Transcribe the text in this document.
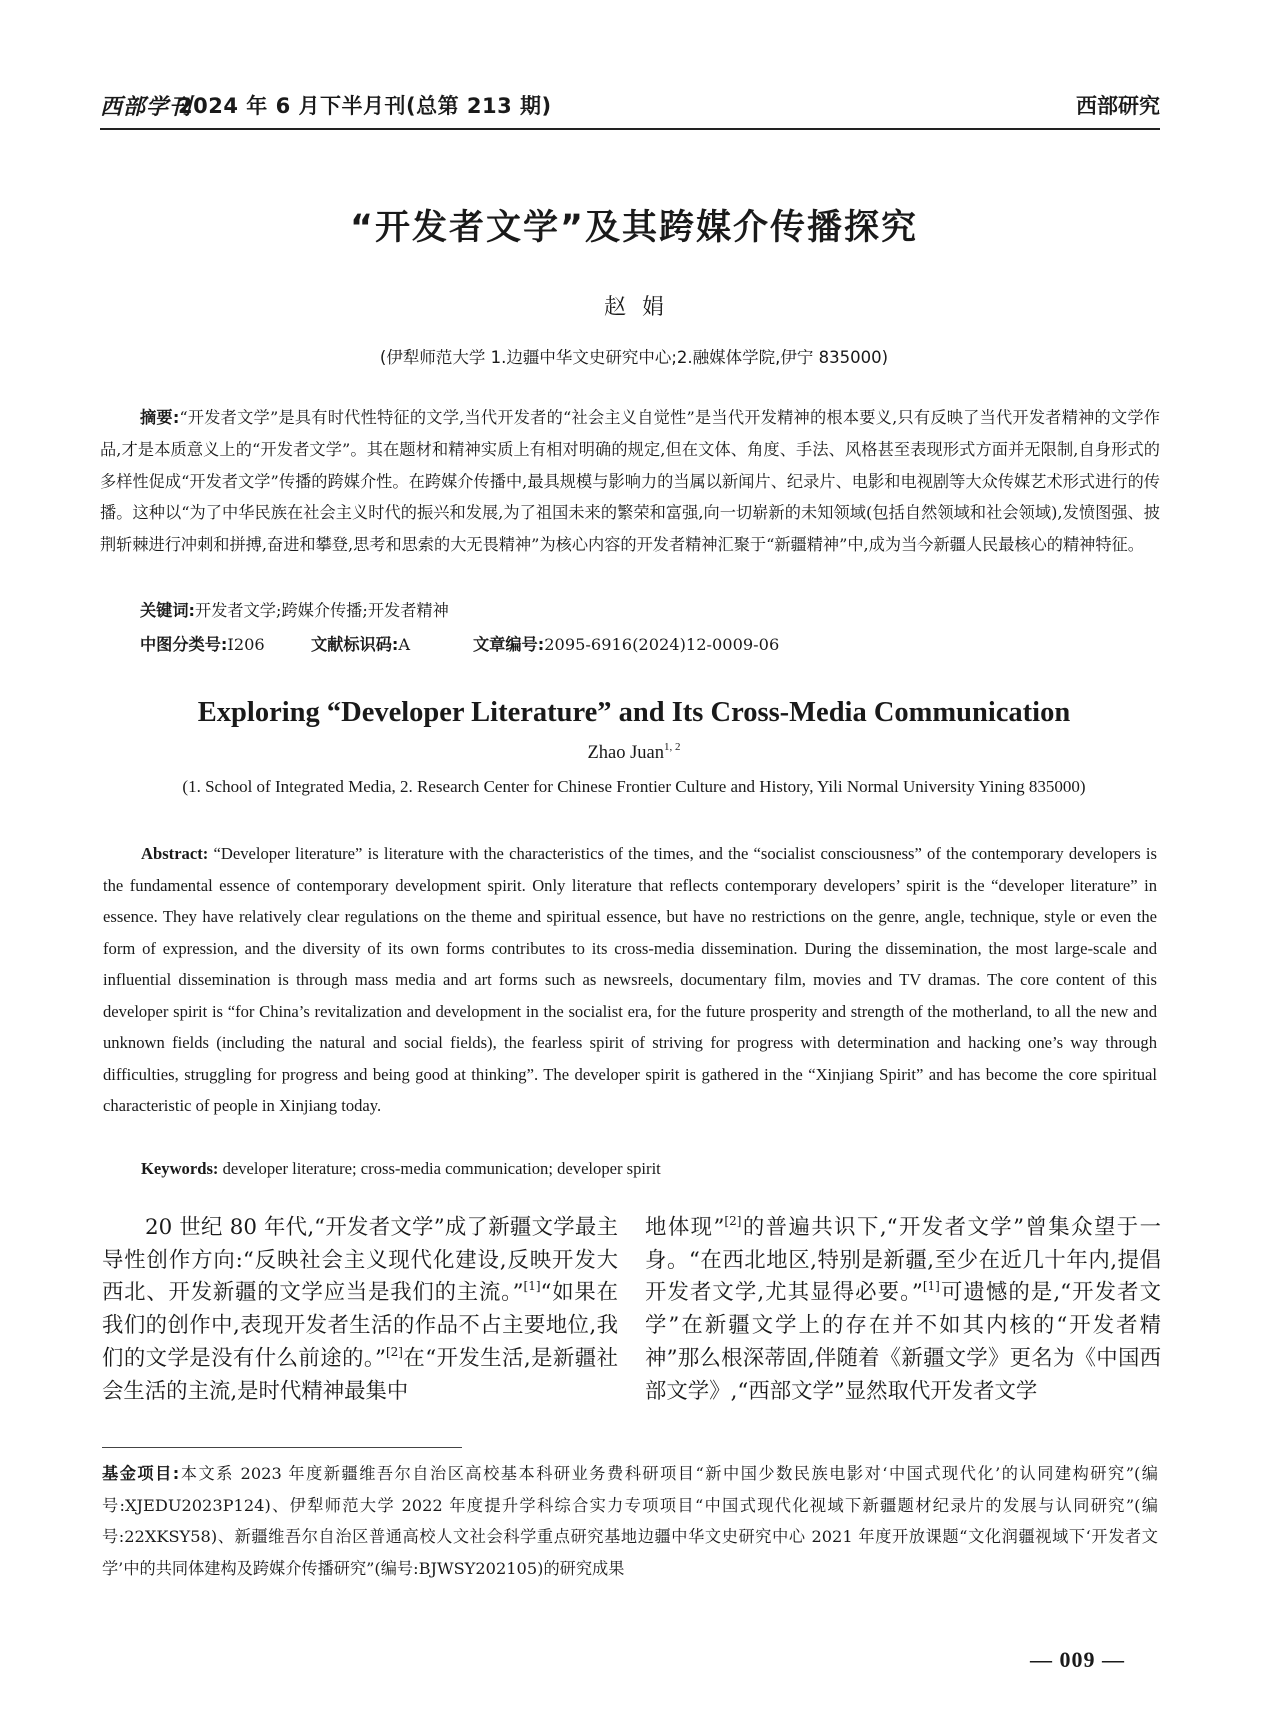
西部学刊
2024 年 6 月下半月刊(总第 213 期)	西部研究
“开发者文学”及其跨媒介传播探究
赵娟
(伊犁师范大学 1.边疆中华文史研究中心;2.融媒体学院,伊宁 835000)

摘要:“开发者文学”是具有时代性特征的文学,当代开发者的“社会主义自觉性”是当代开发精神的根本要义,只有反映了当代开发者精神的文学作品,才是本质意义上的“开发者文学”。其在题材和精神实质上有相对明确的规定,但在文体、角度、手法、风格甚至表现形式方面并无限制,自身形式的多样性促成“开发者文学”传播的跨媒介性。在跨媒介传播中,最具规模与影响力的当属以新闻片、纪录片、电影和电视剧等大众传媒艺术形式进行的传播。这种以“为了中华民族在社会主义时代的振兴和发展,为了祖国未来的繁荣和富强,向一切崭新的未知领域(包括自然领域和社会领域),发愤图强、披荆斩棘进行冲刺和拼搏,奋进和攀登,思考和思索的大无畏精神”为核心内容的开发者精神汇聚于“新疆精神”中,成为当今新疆人民最核心的精神特征。

关键词:开发者文学;跨媒介传播;开发者精神
中图分类号:I206	文献标识码:A	文章编号:2095-6916(2024)12-0009-06
Exploring “Developer Literature” and Its Cross-Media Communication
Zhao Juan$^{1, 2}$
(1. School of Integrated Media, 2. Research Center for Chinese Frontier Culture and History, Yili Normal University Yining 835000)

Abstract: “Developer literature” is literature with the characteristics of the times, and the “socialist consciousness” of the contemporary developers is the fundamental essence of contemporary development spirit. Only literature that reflects contemporary developers’ spirit is the “developer literature” in essence. They have relatively clear regulations on the theme and spiritual essence, but have no restrictions on the genre, angle, technique, style or even the form of expression, and the diversity of its own forms contributes to its cross-media dissemination. During the dissemination, the most large-scale and influential dissemination is through mass media and art forms such as newsreels, documentary film, movies and TV dramas. The core content of this developer spirit is “for China’s revitalization and development in the socialist era, for the future prosperity and strength of the motherland, to all the new and unknown fields (including the natural and social fields), the fearless spirit of striving for progress with determination and hacking one’s way through difficulties, struggling for progress and being good at thinking”. The developer spirit is gathered in the “Xinjiang Spirit” and has become the core spiritual characteristic of people in Xinjiang today.

Keywords: developer literature; cross-media communication; developer spirit

20 世纪 80 年代,“开发者文学”成了新疆文学最主导性创作方向:“反映社会主义现代化建设,反映开发大西北、开发新疆的文学应当是我们的主流。”[1]“如果在我们的创作中,表现开发者生活的作品不占主要地位,我们的文学是没有什么前途的。”[2]在“开发生活,是新疆社会生活的主流,是时代精神最集中

地体现”[2]的普遍共识下,“开发者文学”曾集众望于一身。“在西北地区,特别是新疆,至少在近几十年内,提倡开发者文学,尤其显得必要。”[1]可遗憾的是,“开发者文学”在新疆文学上的存在并不如其内核的“开发者精神”那么根深蒂固,伴随着《新疆文学》更名为《中国西部文学》,“西部文学”显然取代开发者文学

基金项目:本文系 2023 年度新疆维吾尔自治区高校基本科研业务费科研项目“新中国少数民族电影对‘中国式现代化’的认同建构研究”(编号:XJEDU2023P124)、伊犁师范大学 2022 年度提升学科综合实力专项项目“中国式现代化视域下新疆题材纪录片的发展与认同研究”(编号:22XKSY58)、新疆维吾尔自治区普通高校人文社会科学重点研究基地边疆中华文史研究中心 2021 年度开放课题“文化润疆视域下‘开发者文学’中的共同体建构及跨媒介传播研究”(编号:BJWSY202105)的研究成果

— 009 —
